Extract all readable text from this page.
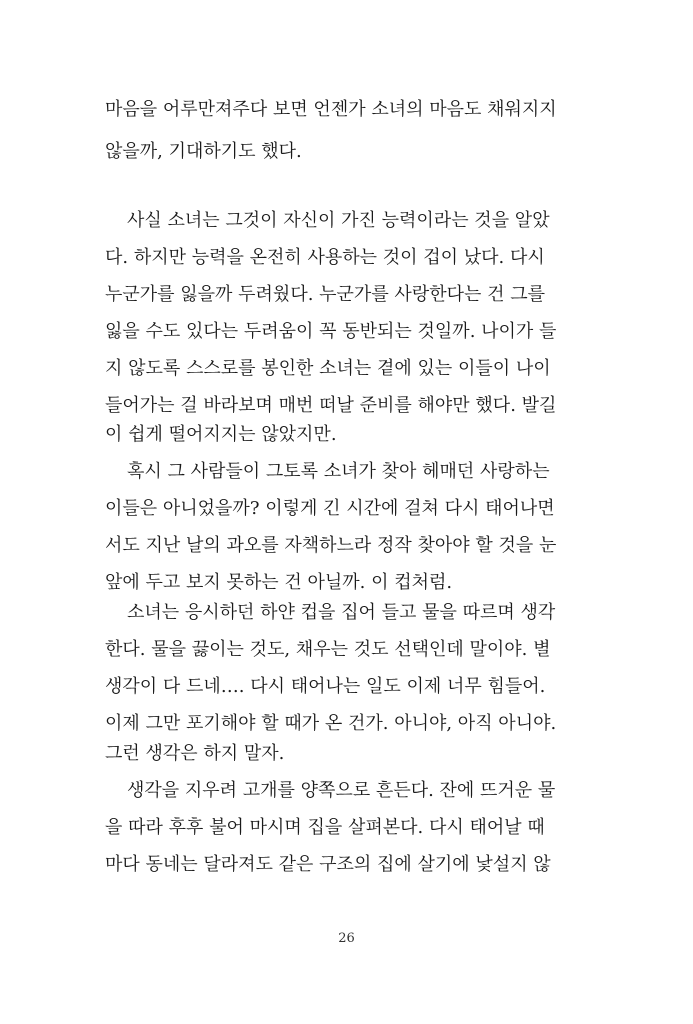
마음을 어루만져주다 보면 언젠가 소녀의 마음도 채워지지
않을까, 기대하기도 했다.
사실 소녀는 그것이 자신이 가진 능력이라는 것을 알았
다. 하지만 능력을 온전히 사용하는 것이 겁이 났다. 다시
누군가를 잃을까 두려웠다. 누군가를 사랑한다는 건 그를
잃을 수도 있다는 두려움이 꼭 동반되는 것일까. 나이가 들
지 않도록 스스로를 봉인한 소녀는 곁에 있는 이들이 나이
들어가는 걸 바라보며 매번 떠날 준비를 해야만 했다. 발길
이 쉽게 떨어지지는 않았지만.
혹시 그 사람들이 그토록 소녀가 찾아 헤매던 사랑하는
이들은 아니었을까? 이렇게 긴 시간에 걸쳐 다시 태어나면
서도 지난 날의 과오를 자책하느라 정작 찾아야 할 것을 눈
앞에 두고 보지 못하는 건 아닐까. 이 컵처럼.
소녀는 응시하던 하얀 컵을 집어 들고 물을 따르며 생각
한다. 물을 끓이는 것도, 채우는 것도 선택인데 말이야. 별
생각이 다 드네…. 다시 태어나는 일도 이제 너무 힘들어.
이제 그만 포기해야 할 때가 온 건가. 아니야, 아직 아니야.
그런 생각은 하지 말자.
생각을 지우려 고개를 양쪽으로 흔든다. 잔에 뜨거운 물
을 따라 후후 불어 마시며 집을 살펴본다. 다시 태어날 때
마다 동네는 달라져도 같은 구조의 집에 살기에 낯설지 않
26
